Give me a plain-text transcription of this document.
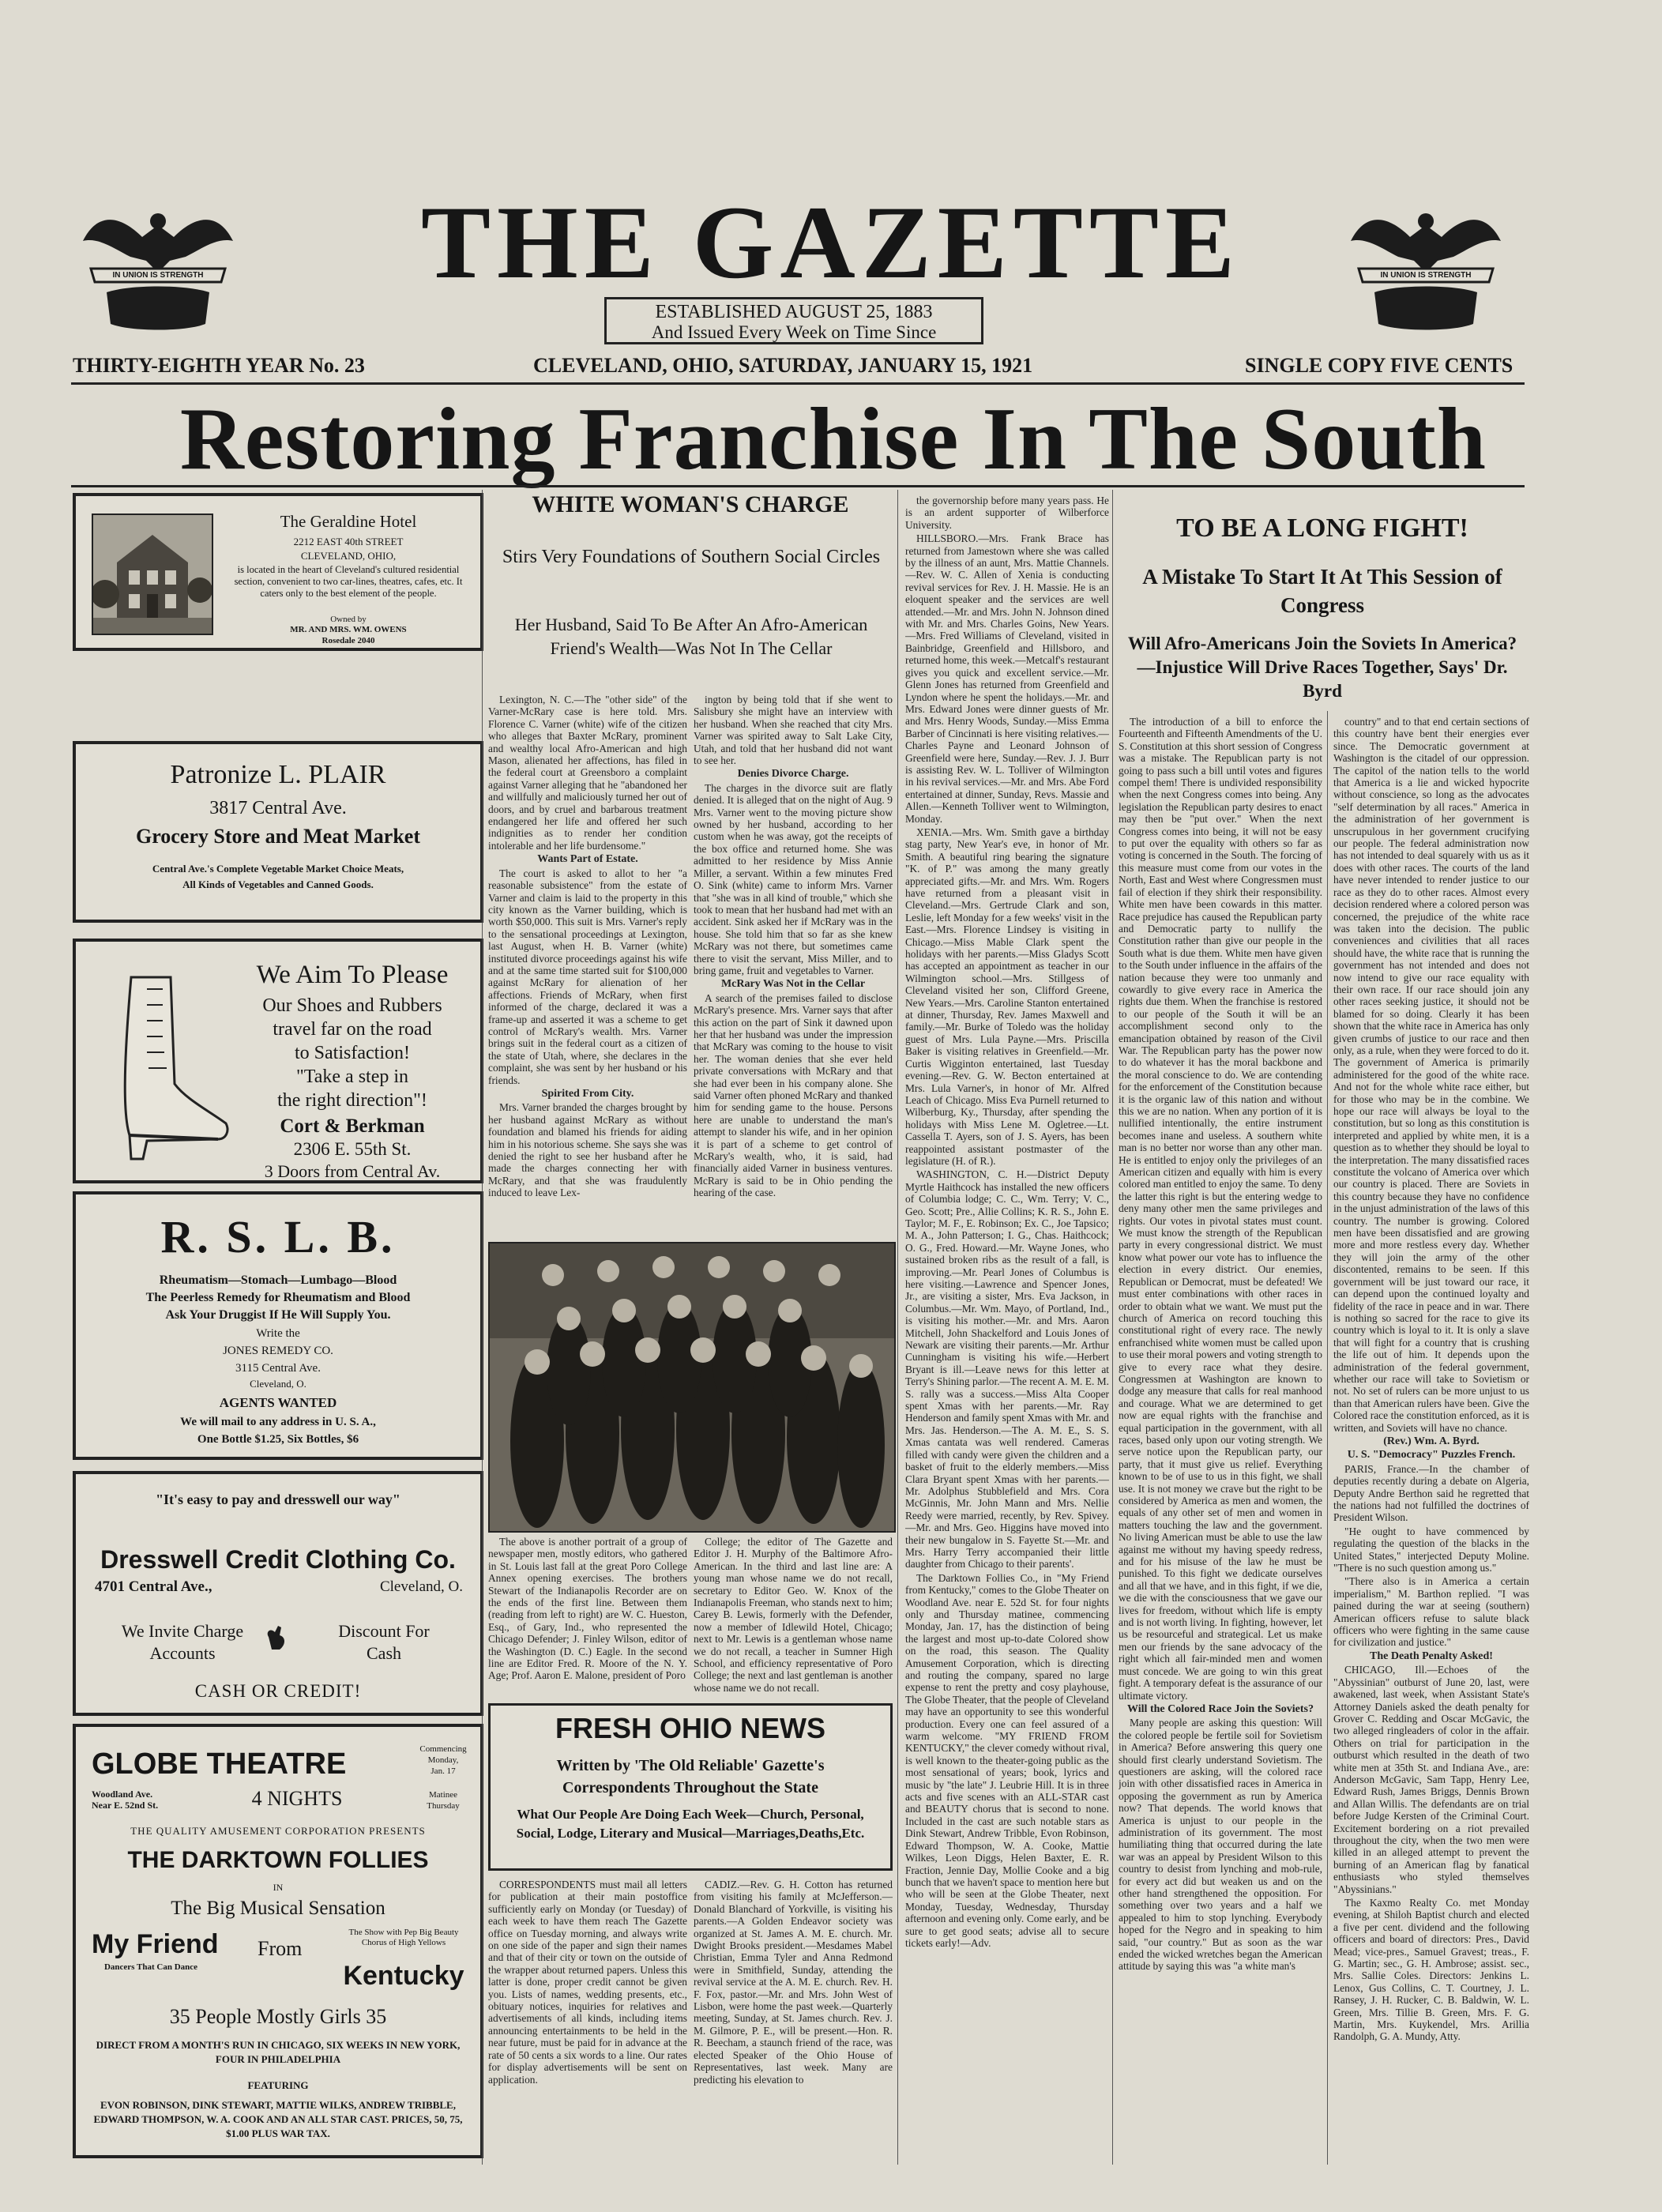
IN UNION IS STRENGTH	IN UNION IS STRENGTH
THE GAZETTE
ESTABLISHED AUGUST 25, 1883
And Issued Every Week on Time Since
THIRTY-EIGHTH YEAR No. 23	CLEVELAND, OHIO, SATURDAY, JANUARY 15, 1921	SINGLE COPY FIVE CENTS
Restoring Franchise In The South
The Geraldine Hotel
2212 EAST 40th STREET
CLEVELAND, OHIO,
is located in the heart of Cleveland's cultured residential section, convenient to two car-lines, theatres, cafes, etc. It caters only to the best element of the people.
Owned by
MR. AND MRS. WM. OWENS
Rosedale 2040
Patronize L. PLAIR
3817 Central Ave.
Grocery Store and Meat Market
Central Ave.'s Complete Vegetable Market Choice Meats,
All Kinds of Vegetables and Canned Goods.
We Aim To Please
Our Shoes and Rubbers
travel far on the road
to Satisfaction!
"Take a step in
the right direction"!
Cort & Berkman
2306 E. 55th St.
3 Doors from Central Av.
R. S. L. B.
Rheumatism—Stomach—Lumbago—Blood
The Peerless Remedy for Rheumatism and Blood
Ask Your Druggist If He Will Supply You.
Write the
JONES REMEDY CO.
3115 Central Ave.
Cleveland, O.
AGENTS WANTED
We will mail to any address in U. S. A.,
One Bottle $1.25, Six Bottles, $6
"It's easy to pay and dresswell our way"
Dresswell Credit Clothing Co.
4701 Central Ave.,	Cleveland, O.
We Invite Charge
Accounts
Discount For
Cash
CASH OR CREDIT!
GLOBE THEATRE	Commencing
Monday,
Jan. 17
Woodland Ave.
Near E. 52nd St.	4 NIGHTS	Matinee
Thursday
THE QUALITY AMUSEMENT CORPORATION PRESENTS
THE DARKTOWN FOLLIES
IN
The Big Musical Sensation
My Friend	From
The Show with Pep Big Beauty Chorus of High Yellows
Kentucky
Dancers That Can Dance
35 People Mostly Girls 35
DIRECT FROM A MONTH'S RUN IN CHICAGO, SIX WEEKS IN NEW YORK, FOUR IN PHILADELPHIA
FEATURING
EVON ROBINSON, DINK STEWART, MATTIE WILKS, ANDREW TRIBBLE, EDWARD THOMPSON, W. A. COOK AND AN ALL STAR CAST. PRICES, 50, 75, $1.00 PLUS WAR TAX.
WHITE WOMAN'S CHARGE
Stirs Very Foundations of Southern Social Circles
Her Husband, Said To Be After An Afro-American Friend's Wealth—Was Not In The Cellar

Lexington, N. C.—The "other side" of the Varner-McRary case is here told. Mrs. Florence C. Varner (white) wife of the citizen who alleges that Baxter McRary, prominent and wealthy local Afro-American and high Mason, alienated her affections, has filed in the federal court at Greensboro a complaint against Varner alleging that he "abandoned her and willfully and maliciously turned her out of doors, and by cruel and barbarous treatment endangered her life and offered her such indignities as to render her condition intolerable and her life burdensome."

Wants Part of Estate.

The court is asked to allot to her "a reasonable subsistence" from the estate of Varner and claim is laid to the property in this city known as the Varner building, which is worth $50,000. This suit is Mrs. Varner's reply to the sensational proceedings at Lexington, last August, when H. B. Varner (white) instituted divorce proceedings against his wife and at the same time started suit for $100,000 against McRary for alienation of her affections. Friends of McRary, when first informed of the charge, declared it was a frame-up and asserted it was a scheme to get control of McRary's wealth. Mrs. Varner brings suit in the federal court as a citizen of the state of Utah, where, she declares in the complaint, she was sent by her husband or his friends.

Spirited From City.

Mrs. Varner branded the charges brought by her husband against McRary as without foundation and blamed his friends for aiding him in his notorious scheme. She says she was denied the right to see her husband after he made the charges connecting her with McRary, and that she was fraudulently induced to leave Lex-

ington by being told that if she went to Salisbury she might have an interview with her husband. When she reached that city Mrs. Varner was spirited away to Salt Lake City, Utah, and told that her husband did not want to see her.

Denies Divorce Charge.

The charges in the divorce suit are flatly denied. It is alleged that on the night of Aug. 9 Mrs. Varner went to the moving picture show owned by her husband, according to her custom when he was away, got the receipts of the box office and returned home. She was admitted to her residence by Miss Annie Miller, a servant. Within a few minutes Fred O. Sink (white) came to inform Mrs. Varner that "she was in all kind of trouble," which she took to mean that her husband had met with an accident. Sink asked her if McRary was in the house. She told him that so far as she knew McRary was not there, but sometimes came there to visit the servant, Miss Miller, and to bring game, fruit and vegetables to Varner.

McRary Was Not in the Cellar

A search of the premises failed to disclose McRary's presence. Mrs. Varner says that after this action on the part of Sink it dawned upon her that her husband was under the impression that McRary was coming to the house to visit her. The woman denies that she ever held private conversations with McRary and that she had ever been in his company alone. She said Varner often phoned McRary and thanked him for sending game to the house. Persons here are unable to understand the man's attempt to slander his wife, and in her opinion it is part of a scheme to get control of McRary's wealth, who, it is said, had financially aided Varner in business ventures. McRary is said to be in Ohio pending the hearing of the case.

The above is another portrait of a group of newspaper men, mostly editors, who gathered in St. Louis last fall at the great Poro College Annex opening exercises. The brothers Stewart of the Indianapolis Recorder are on the ends of the first line. Between them (reading from left to right) are W. C. Hueston, Esq., of Gary, Ind., who represented the Chicago Defender; J. Finley Wilson, editor of the Washington (D. C.) Eagle. In the second line are Editor Fred. R. Moore of the N. Y. Age; Prof. Aaron E. Malone, president of Poro

College; the editor of The Gazette and Editor J. H. Murphy of the Baltimore Afro-American. In the third and last line are: A young man whose name we do not recall, secretary to Editor Geo. W. Knox of the Indianapolis Freeman, who stands next to him; Carey B. Lewis, formerly with the Defender, now a member of Idlewild Hotel, Chicago; next to Mr. Lewis is a gentleman whose name we do not recall, a teacher in Sumner High School, and efficiency representative of Poro College; the next and last gentleman is another whose name we do not recall.

FRESH OHIO NEWS
Written by 'The Old Reliable' Gazette's Correspondents Throughout the State
What Our People Are Doing Each Week—Church, Personal, Social, Lodge, Literary and Musical—Marriages,Deaths,Etc.
CORRESPONDENTS must mail all letters for publication at their main postoffice sufficiently early on Monday (or Tuesday) of each week to have them reach The Gazette office on Tuesday morning, and always write on one side of the paper and sign their names and that of their city or town on the outside of the wrapper about returned papers. Unless this latter is done, proper credit cannot be given you. Lists of names, wedding presents, etc., obituary notices, inquiries for relatives and advertisements of all kinds, including items announcing entertainments to be held in the near future, must be paid for in advance at the rate of 50 cents a six words to a line. Our rates for display advertisements will be sent on application.
CADIZ.—Rev. G. H. Cotton has returned from visiting his family at McJefferson.—Donald Blanchard of Yorkville, is visiting his parents.—A Golden Endeavor society was organized at St. James A. M. E. church. Mr. Dwight Brooks president.—Mesdames Mabel Christian, Emma Tyler and Anna Redmond were in Smithfield, Sunday, attending the revival service at the A. M. E. church. Rev. H. F. Fox, pastor.—Mr. and Mrs. John West of Lisbon, were home the past week.—Quarterly meeting, Sunday, at St. James church. Rev. J. M. Gilmore, P. E., will be present.—Hon. R. R. Beecham, a staunch friend of the race, was elected Speaker of the Ohio House of Representatives, last week. Many are predicting his elevation to

the governorship before many years pass. He is an ardent supporter of Wilberforce University.

HILLSBORO.—Mrs. Frank Brace has returned from Jamestown where she was called by the illness of an aunt, Mrs. Mattie Channels.—Rev. W. C. Allen of Xenia is conducting revival services for Rev. J. H. Massie. He is an eloquent speaker and the services are well attended.—Mr. and Mrs. John N. Johnson dined with Mr. and Mrs. Charles Goins, New Years.—Mrs. Fred Williams of Cleveland, visited in Bainbridge, Greenfield and Hillsboro, and returned home, this week.—Metcalf's restaurant gives you quick and excellent service.—Mr. Glenn Jones has returned from Greenfield and Lyndon where he spent the holidays.—Mr. and Mrs. Edward Jones were dinner guests of Mr. and Mrs. Henry Woods, Sunday.—Miss Emma Barber of Cincinnati is here visiting relatives.—Charles Payne and Leonard Johnson of Greenfield were here, Sunday.—Rev. J. J. Burr is assisting Rev. W. L. Tolliver of Wilmington in his revival services.—Mr. and Mrs. Abe Ford entertained at dinner, Sunday, Revs. Massie and Allen.—Kenneth Tolliver went to Wilmington, Monday.

XENIA.—Mrs. Wm. Smith gave a birthday stag party, New Year's eve, in honor of Mr. Smith. A beautiful ring bearing the signature "K. of P." was among the many greatly appreciated gifts.—Mr. and Mrs. Wm. Rogers have returned from a pleasant visit in Cleveland.—Mrs. Gertrude Clark and son, Leslie, left Monday for a few weeks' visit in the East.—Mrs. Florence Lindsey is visiting in Chicago.—Miss Mable Clark spent the holidays with her parents.—Miss Gladys Scott has accepted an appointment as teacher in our Wilmington school.—Mrs. Stillgess of Cleveland visited her son, Clifford Greene, New Years.—Mrs. Caroline Stanton entertained at dinner, Thursday, Rev. James Maxwell and family.—Mr. Burke of Toledo was the holiday guest of Mrs. Lula Payne.—Mrs. Priscilla Baker is visiting relatives in Greenfield.—Mr. Curtis Wigginton entertained, last Tuesday evening.—Rev. G. W. Becton entertained at Mrs. Lula Varner's, in honor of Mr. Alfred Leach of Chicago. Miss Eva Purnell returned to Wilberburg, Ky., Thursday, after spending the holidays with Miss Lene M. Ogletree.—Lt. Cassella T. Ayers, son of J. S. Ayers, has been reappointed assistant postmaster of the legislature (H. of R.).

WASHINGTON, C. H.—District Deputy Myrtle Haithcock has installed the new officers of Columbia lodge; C. C., Wm. Terry; V. C., Geo. Scott; Pre., Allie Collins; K. R. S., John E. Taylor; M. F., E. Robinson; Ex. C., Joe Tapsico; M. A., John Patterson; I. G., Chas. Haithcock; O. G., Fred. Howard.—Mr. Wayne Jones, who sustained broken ribs as the result of a fall, is improving.—Mr. Pearl Jones of Columbus is here visiting.—Lawrence and Spencer Jones, Jr., are visiting a sister, Mrs. Eva Jackson, in Columbus.—Mr. Wm. Mayo, of Portland, Ind., is visiting his mother.—Mr. and Mrs. Aaron Mitchell, John Shackelford and Louis Jones of Newark are visiting their parents.—Mr. Arthur Cunningham is visiting his wife.—Herbert Bryant is ill.—Leave news for this letter at Terry's Shining parlor.—The recent A. M. E. M. S. rally was a success.—Miss Alta Cooper spent Xmas with her parents.—Mr. Ray Henderson and family spent Xmas with Mr. and Mrs. Jas. Henderson.—The A. M. E., S. S. Xmas cantata was well rendered. Cameras filled with candy were given the children and a basket of fruit to the elderly members.—Miss Clara Bryant spent Xmas with her parents.—Mr. Adolphus Stubblefield and Mrs. Cora McGinnis, Mr. John Mann and Mrs. Nellie Reedy were married, recently, by Rev. Spivey.—Mr. and Mrs. Geo. Higgins have moved into their new bungalow in S. Fayette St.—Mr. and Mrs. Harry Terry accompanied their little daughter from Chicago to their parents'.

The Darktown Follies Co., in "My Friend from Kentucky," comes to the Globe Theater on Woodland Ave. near E. 52d St. for four nights only and Thursday matinee, commencing Monday, Jan. 17, has the distinction of being the largest and most up-to-date Colored show on the road, this season. The Quality Amusement Corporation, which is directing and routing the company, spared no large expense to rent the pretty and cosy playhouse, The Globe Theater, that the people of Cleveland may have an opportunity to see this wonderful production. Every one can feel assured of a warm welcome. "MY FRIEND FROM KENTUCKY," the clever comedy without rival, is well known to the theater-going public as the most sensational of years; book, lyrics and music by "the late" J. Leubrie Hill. It is in three acts and five scenes with an ALL-STAR cast and BEAUTY chorus that is second to none. Included in the cast are such notable stars as Dink Stewart, Andrew Tribble, Evon Robinson, Edward Thompson, W. A. Cooke, Mattie Wilkes, Leon Diggs, Helen Baxter, E. R. Fraction, Jennie Day, Mollie Cooke and a big bunch that we haven't space to mention here but who will be seen at the Globe Theater, next Monday, Tuesday, Wednesday, Thursday afternoon and evening only. Come early, and be sure to get good seats; advise all to secure tickets early!—Adv.

TO BE A LONG FIGHT!
A Mistake To Start It At This Session of Congress
Will Afro-Americans Join the Soviets In America?—Injustice Will Drive Races Together, Says' Dr. Byrd

The introduction of a bill to enforce the Fourteenth and Fifteenth Amendments of the U. S. Constitution at this short session of Congress was a mistake. The Republican party is not going to pass such a bill until votes and figures compel them! There is undivided responsibility when the next Congress comes into being. Any legislation the Republican party desires to enact may then be "put over." When the next Congress comes into being, it will not be easy to put over the equality with others so far as voting is concerned in the South. The forcing of this measure must come from our votes in the North, East and West where Congressmen must fail of election if they shirk their responsibility. White men have been cowards in this matter. Race prejudice has caused the Republican party and Democratic party to nullify the Constitution rather than give our people in the South what is due them. White men have given to the South under influence in the affairs of the nation because they were too unmanly and cowardly to give every race in America the rights due them. When the franchise is restored to our people of the South it will be an accomplishment second only to the emancipation obtained by reason of the Civil War. The Republican party has the power now to do whatever it has the moral backbone and the moral conscience to do. We are contending for the enforcement of the Constitution because it is the organic law of this nation and without this we are no nation. When any portion of it is nullified intentionally, the entire instrument becomes inane and useless. A southern white man is no better nor worse than any other man. He is entitled to enjoy only the privileges of an American citizen and equally with him is every colored man entitled to enjoy the same. To deny the latter this right is but the entering wedge to deny many other men the same privileges and rights. Our votes in pivotal states must count. We must know the strength of the Republican party in every congressional district. We must know what power our vote has to influence the election in every district. Our enemies, Republican or Democrat, must be defeated! We must enter combinations with other races in order to obtain what we want. We must put the church of America on record touching this constitutional right of every race. The newly enfranchised white women must be called upon to use their moral powers and voting strength to give to every race what they desire. Congressmen at Washington are known to dodge any measure that calls for real manhood and courage. What we are determined to get now are equal rights with the franchise and equal participation in the government, with all races, based only upon our voting strength. We serve notice upon the Republican party, our party, that it must give us relief. Everything known to be of use to us in this fight, we shall use. It is not money we crave but the right to be considered by America as men and women, the equals of any other set of men and women in matters touching the law and the government. No living American must be able to use the law against me without my having speedy redress, and for his misuse of the law he must be punished. To this fight we dedicate ourselves and all that we have, and in this fight, if we die, we die with the consciousness that we gave our lives for freedom, without which life is empty and is not worth living. In fighting, however, let us be resourceful and strategical. Let us make men our friends by the sane advocacy of the right which all fair-minded men and women must concede. We are going to win this great fight. A temporary defeat is the assurance of our ultimate victory.

Will the Colored Race Join the Soviets?

Many people are asking this question: Will the colored people be fertile soil for Sovietism in America? Before answering this query one should first clearly understand Sovietism. The questioners are asking, will the colored race join with other dissatisfied races in America in opposing the government as run by America now? That depends. The world knows that America is unjust to our people in the administration of its government. The most humiliating thing that occurred during the late war was an appeal by President Wilson to this country to desist from lynching and mob-rule, for every act did but weaken us and on the other hand strengthened the opposition. For something over two years and a half we appealed to him to stop lynching. Everybody hoped for the Negro and in speaking to him said, "our country." But as soon as the war ended the wicked wretches began the American attitude by saying this was "a white man's

country" and to that end certain sections of this country have bent their energies ever since. The Democratic government at Washington is the citadel of our oppression. The capitol of the nation tells to the world that America is a lie and wicked hypocrite without conscience, so long as the advocates "self determination by all races." America in the administration of her government is unscrupulous in her government crucifying our people. The federal administration now has not intended to deal squarely with us as it does with other races. The courts of the land have never intended to render justice to our race as they do to other races. Almost every decision rendered where a colored person was concerned, the prejudice of the white race was taken into the decision. The public conveniences and civilities that all races should have, the white race that is running the government has not intended and does not now intend to give our race equality with their own race. If our race should join any other races seeking justice, it should not be blamed for so doing. Clearly it has been shown that the white race in America has only given crumbs of justice to our race and then only, as a rule, when they were forced to do it. The government of America is primarily administered for the good of the white race. And not for the whole white race either, but for those who may be in the combine. We hope our race will always be loyal to the constitution, but so long as this constitution is interpreted and applied by white men, it is a question as to whether they should be loyal to the interpretation. The many dissatisfied races constitute the volcano of America over which our country is placed. There are Soviets in this country because they have no confidence in the unjust administration of the laws of this country. The number is growing. Colored men have been dissatisfied and are growing more and more restless every day. Whether they will join the army of the other discontented, remains to be seen. If this government will be just toward our race, it can depend upon the continued loyalty and fidelity of the race in peace and in war. There is nothing so sacred for the race to give its country which is loyal to it. It is only a slave that will fight for a country that is crushing the life out of him. It depends upon the administration of the federal government, whether our race will take to Sovietism or not. No set of rulers can be more unjust to us than that American rulers have been. Give the Colored race the constitution enforced, as it is written, and Soviets will have no chance.

(Rev.) Wm. A. Byrd.
U. S. "Democracy" Puzzles French.

PARIS, France.—In the chamber of deputies recently during a debate on Algeria, Deputy Andre Berthon said he regretted that the nations had not fulfilled the doctrines of President Wilson.

"He ought to have commenced by regulating the question of the blacks in the United States," interjected Deputy Moline. "There is no such question among us."

"There also is in America a certain imperialism," M. Barthon replied. "I was pained during the war at seeing (southern) American officers refuse to salute black officers who were fighting in the same cause for civilization and justice."

The Death Penalty Asked!

CHICAGO, Ill.—Echoes of the "Abyssinian" outburst of June 20, last, were awakened, last week, when Assistant State's Attorney Daniels asked the death penalty for Grover C. Redding and Oscar McGavic, the two alleged ringleaders of color in the affair. Others on trial for participation in the outburst which resulted in the death of two white men at 35th St. and Indiana Ave., are: Anderson McGavic, Sam Tapp, Henry Lee, Edward Rush, James Briggs, Dennis Brown and Allan Willis. The defendants are on trial before Judge Kersten of the Criminal Court. Excitement bordering on a riot prevailed throughout the city, when the two men were killed in an alleged attempt to prevent the burning of an American flag by fanatical enthusiasts who styled themselves "Abyssinians."

The Kaxmo Realty Co. met Monday evening, at Shiloh Baptist church and elected a five per cent. dividend and the following officers and board of directors: Pres., David Mead; vice-pres., Samuel Gravest; treas., F. G. Martin; sec., G. H. Ambrose; assist. sec., Mrs. Sallie Coles. Directors: Jenkins L. Lenox, Gus Collins, C. T. Courtney, J. L. Ransey, J. H. Rucker, C. B. Baldwin, W. L. Green, Mrs. Tillie B. Green, Mrs. F. G. Martin, Mrs. Kuykendel, Mrs. Arillia Randolph, G. A. Mundy, Atty.
